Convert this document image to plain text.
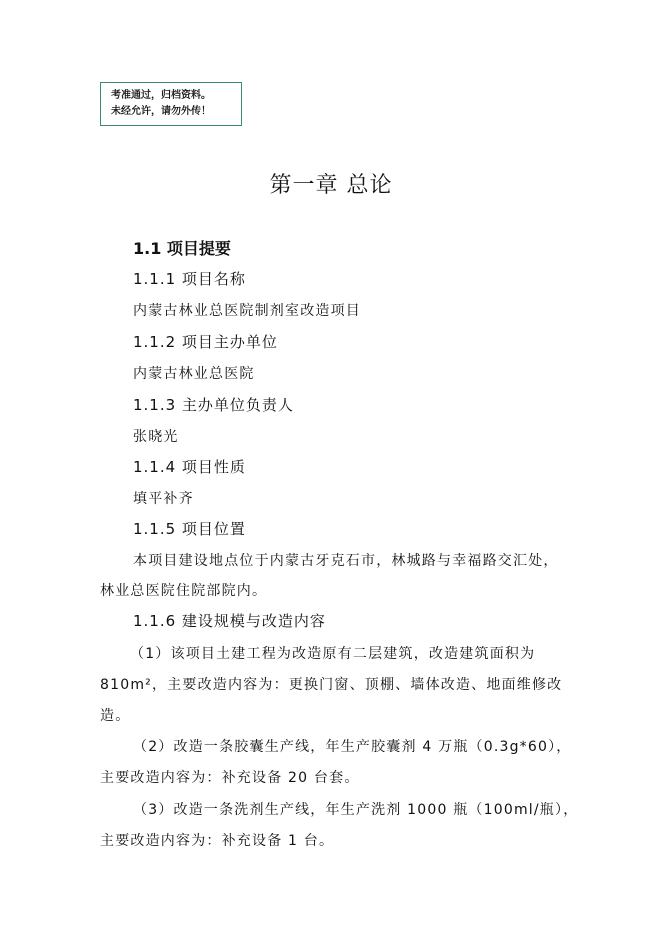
考准通过，归档资料。
未经允许，请勿外传！
第一章 总论
1.1 项目提要
1.1.1 项目名称
内蒙古林业总医院制剂室改造项目
1.1.2 项目主办单位
内蒙古林业总医院
1.1.3 主办单位负责人
张晓光
1.1.4 项目性质
填平补齐
1.1.5 项目位置
本项目建设地点位于内蒙古牙克石市，林城路与幸福路交汇处，
林业总医院住院部院内。
1.1.6 建设规模与改造内容
（1）该项目土建工程为改造原有二层建筑，改造建筑面积为
810m²，主要改造内容为：更换门窗、顶棚、墙体改造、地面维修改
造。
（2）改造一条胶囊生产线，年生产胶囊剂 4 万瓶（0.3g*60），
主要改造内容为：补充设备 20 台套。
（3）改造一条洗剂生产线，年生产洗剂 1000 瓶（100ml/瓶），
主要改造内容为：补充设备 1 台。
